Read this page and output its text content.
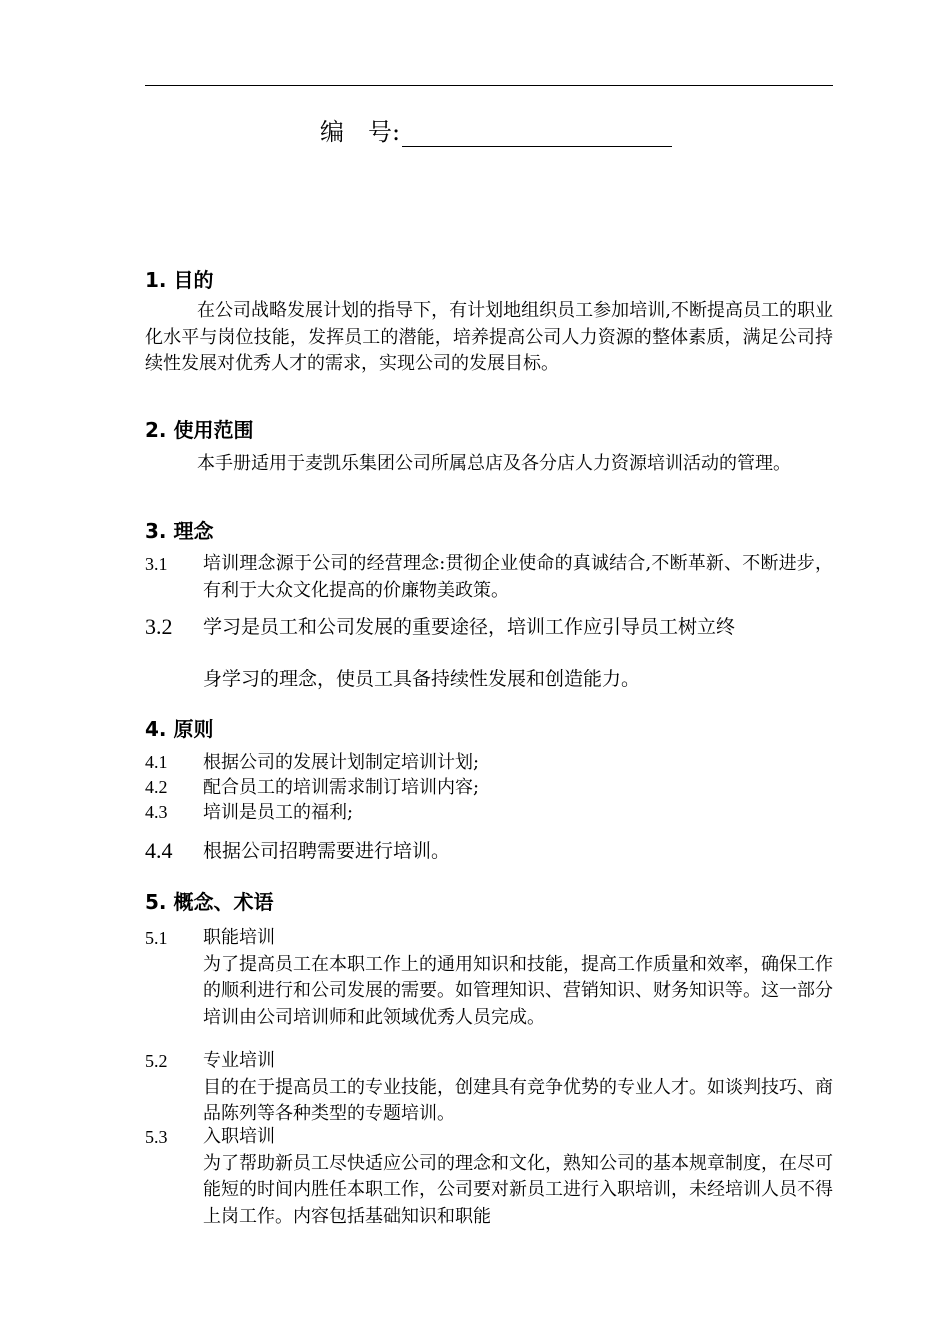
编　号:
1. 目的
在公司战略发展计划的指导下，有计划地组织员工参加培训,不断提高员工的职业化水平与岗位技能，发挥员工的潜能，培养提高公司人力资源的整体素质，满足公司持续性发展对优秀人才的需求，实现公司的发展目标。
2. 使用范围
本手册适用于麦凯乐集团公司所属总店及各分店人力资源培训活动的管理。
3. 理念
3.1 培训理念源于公司的经营理念:贯彻企业使命的真诚结合,不断革新、不断进步，有利于大众文化提高的价廉物美政策。
3.2 学习是员工和公司发展的重要途径，培训工作应引导员工树立终
身学习的理念，使员工具备持续性发展和创造能力。
4. 原则
4.1 根据公司的发展计划制定培训计划;
4.2 配合员工的培训需求制订培训内容;
4.3 培训是员工的福利;
4.4 根据公司招聘需要进行培训。
5. 概念、术语
5.1 职能培训
为了提高员工在本职工作上的通用知识和技能，提高工作质量和效率，确保工作的顺利进行和公司发展的需要。如管理知识、营销知识、财务知识等。这一部分培训由公司培训师和此领域优秀人员完成。
5.2 专业培训
目的在于提高员工的专业技能，创建具有竞争优势的专业人才。如谈判技巧、商品陈列等各种类型的专题培训。
5.3 入职培训
为了帮助新员工尽快适应公司的理念和文化，熟知公司的基本规章制度，在尽可能短的时间内胜任本职工作，公司要对新员工进行入职培训，未经培训人员不得上岗工作。内容包括基础知识和职能
